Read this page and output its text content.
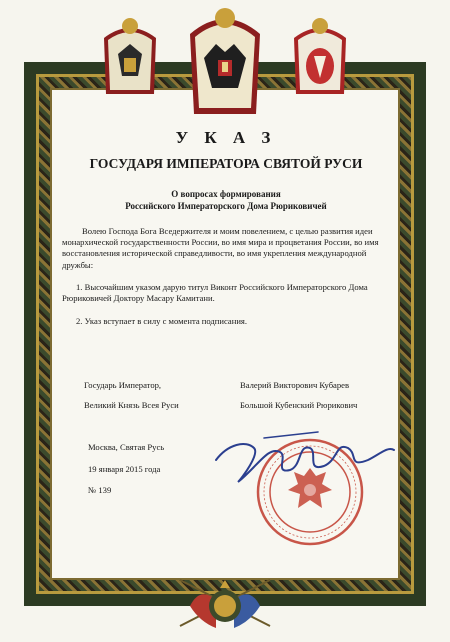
У К А З
ГОСУДАРЯ ИМПЕРАТОРА СВЯТОЙ РУСИ
О вопросах формирования
Российского Императорского Дома Рюриковичей
Волею Господа Бога Вседержителя и моим повелением, с целью развития идеи монархической государственности России, во имя мира и процветания России, во имя восстановления исторической справедливости, во имя укрепления международной дружбы:
1. Высочайшим указом дарую титул Виконт Российского Императорского Дома Рюриковичей Доктору Масару Камитани.
2. Указ вступает в силу с момента подписания.
Государь Император,	Валерий Викторович Кубарев
Великий Князь Всея Руси	Большой Кубенский Рюрикович
Москва, Святая Русь
19 января 2015 года
№ 139
